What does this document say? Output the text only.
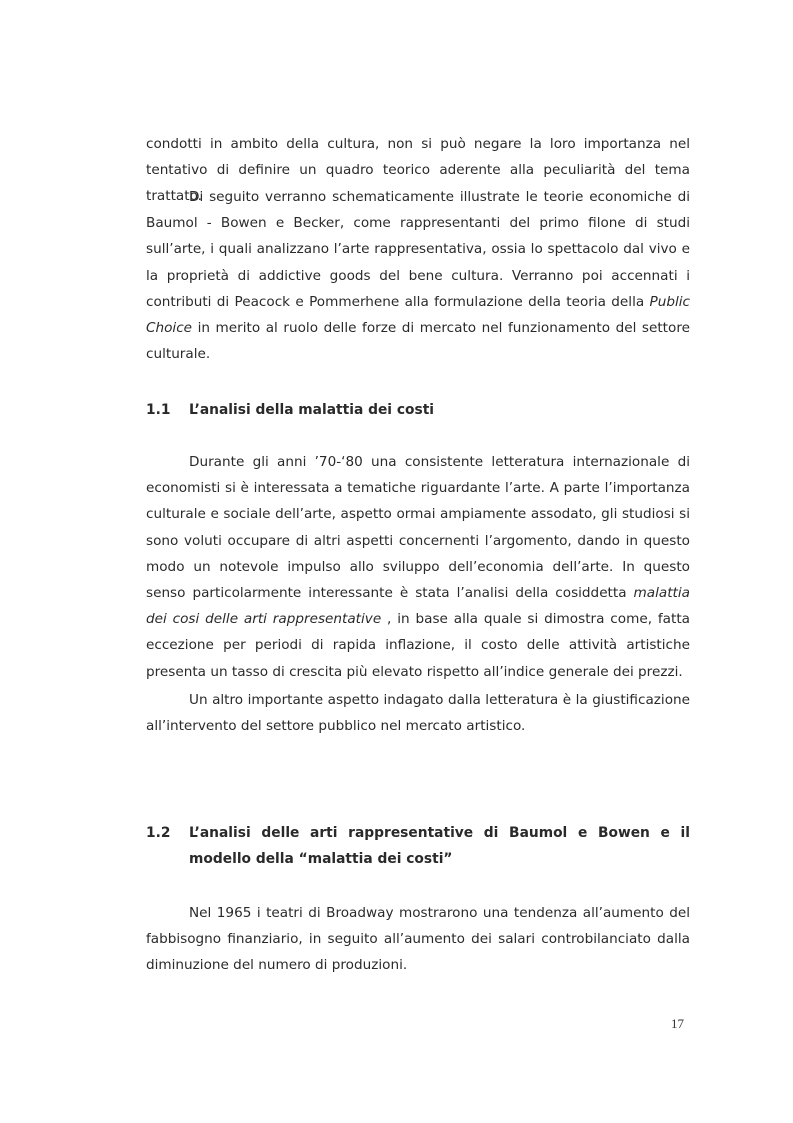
condotti in ambito della cultura, non si può negare la loro importanza nel tentativo di definire un quadro teorico aderente alla peculiarità del tema trattato.

Di seguito verranno schematicamente illustrate le teorie economiche di Baumol - Bowen e Becker, come rappresentanti del primo filone di studi sull’arte, i quali analizzano l’arte rappresentativa, ossia lo spettacolo dal vivo e la proprietà di addictive goods del bene cultura. Verranno poi accennati i contributi di Peacock e Pommerhene alla formulazione della teoria della Public Choice in merito al ruolo delle forze di mercato nel funzionamento del settore culturale.

1.1 L’analisi della malattia dei costi

Durante gli anni ’70-‘80 una consistente letteratura internazionale di economisti si è interessata a tematiche riguardante l’arte. A parte l’importanza culturale e sociale dell’arte, aspetto ormai ampiamente assodato, gli studiosi si sono voluti occupare di altri aspetti concernenti l’argomento, dando in questo modo un notevole impulso allo sviluppo dell’economia dell’arte. In questo senso particolarmente interessante è stata l’analisi della cosiddetta malattia dei cosi delle arti rappresentative , in base alla quale si dimostra come, fatta eccezione per periodi di rapida inflazione, il costo delle attività artistiche presenta un tasso di crescita più elevato rispetto all’indice generale dei prezzi.

Un altro importante aspetto indagato dalla letteratura è la giustificazione all’intervento del settore pubblico nel mercato artistico.

1.2 L’analisi delle arti rappresentative di Baumol e Bowen e il modello della “malattia dei costi”

Nel 1965 i teatri di Broadway mostrarono una tendenza all’aumento del fabbisogno finanziario, in seguito all’aumento dei salari controbilanciato dalla diminuzione del numero di produzioni.

17
